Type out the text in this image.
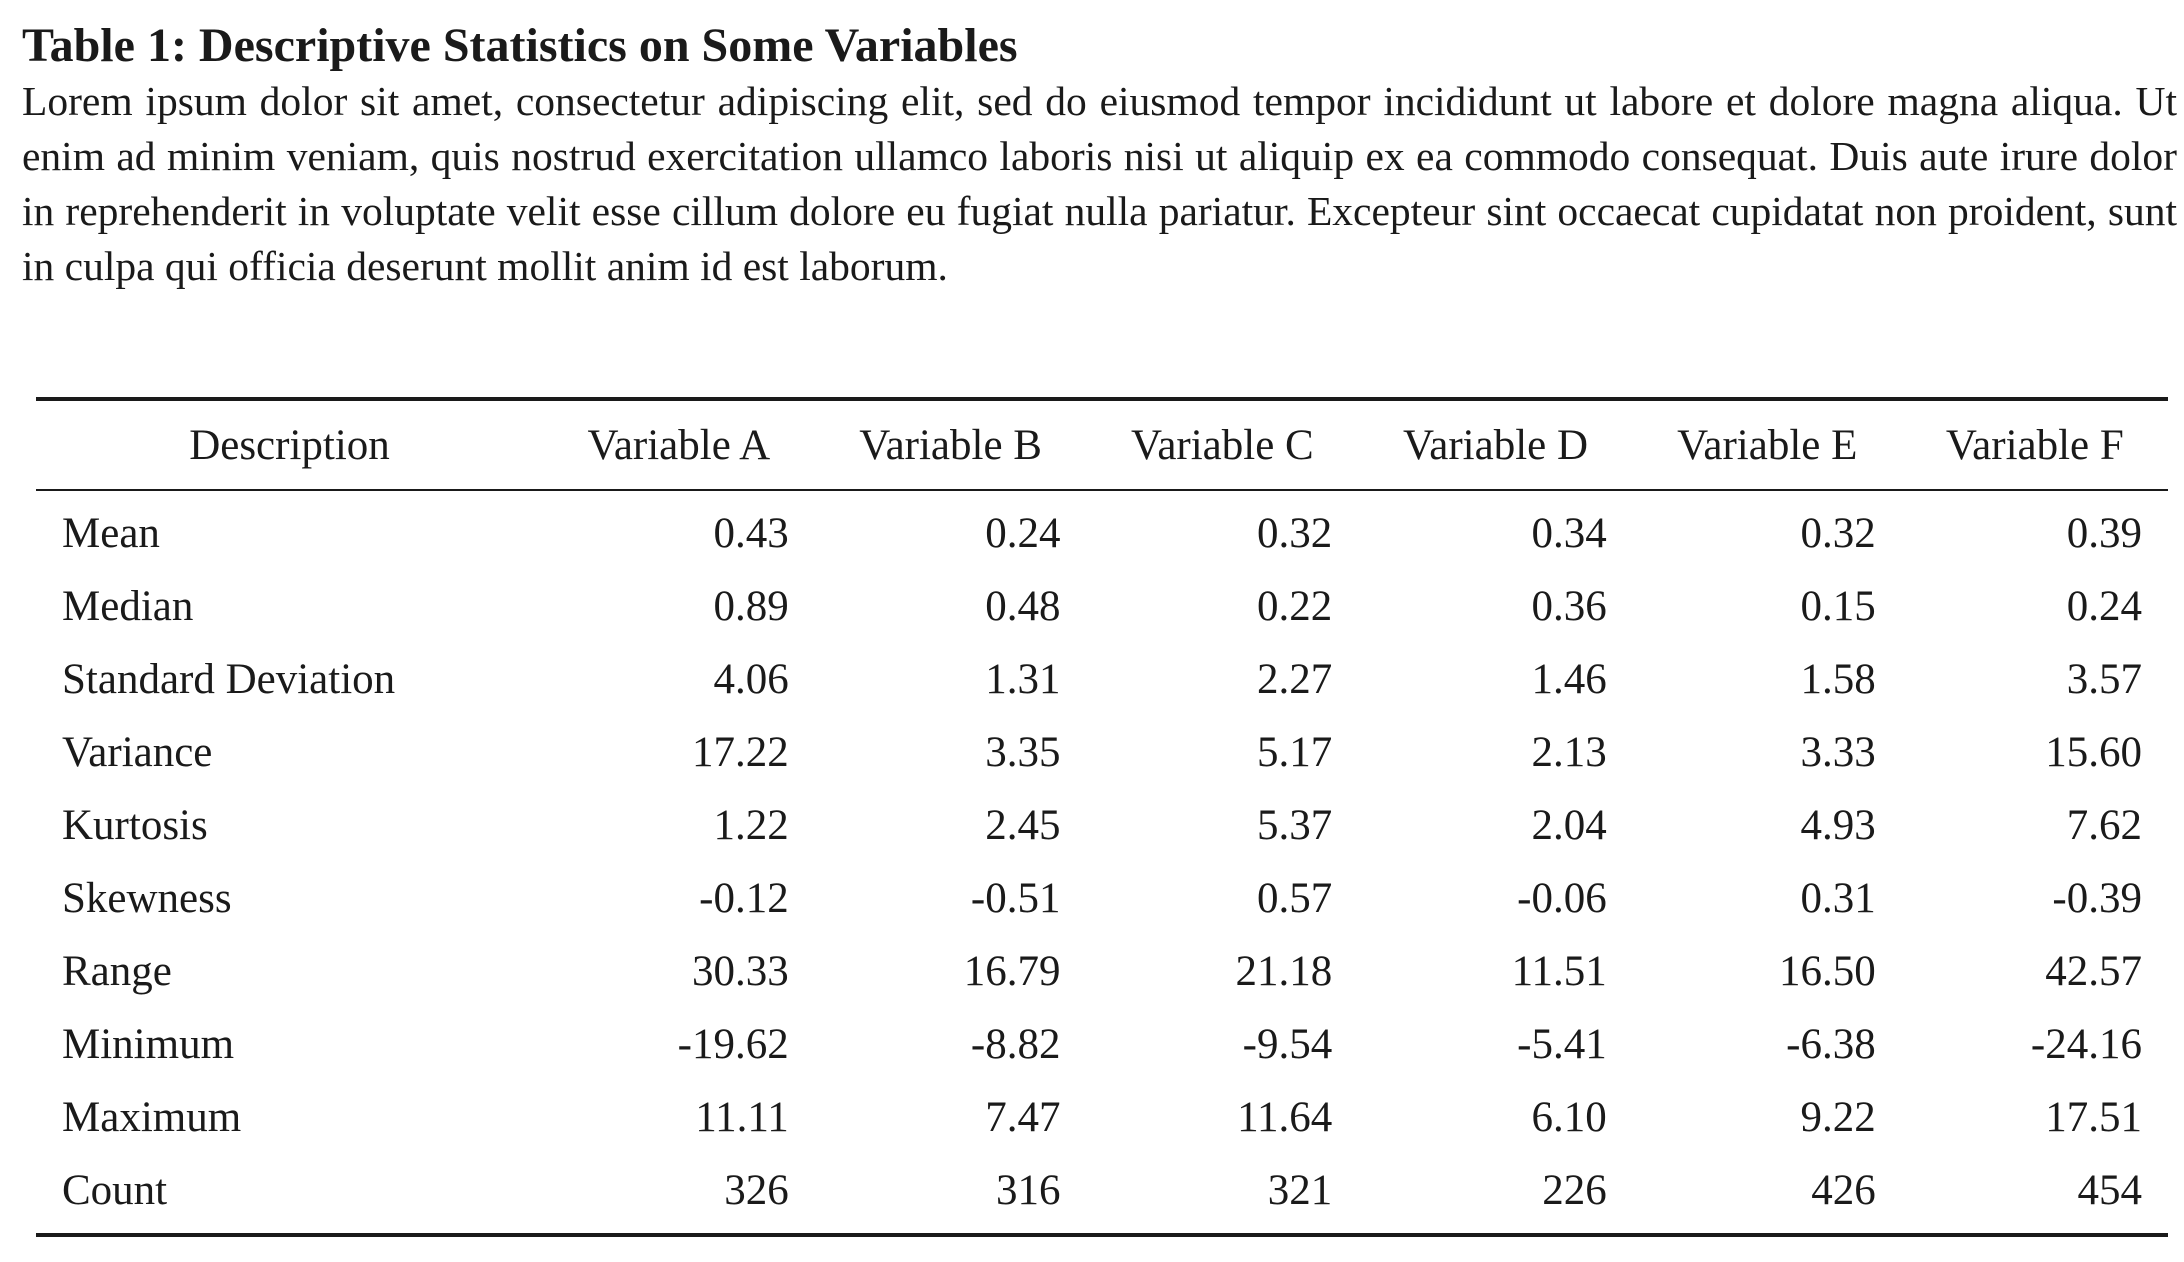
Table 1: Descriptive Statistics on Some Variables

Lorem ipsum dolor sit amet, consectetur adipiscing elit, sed do eiusmod tempor incididunt ut labore et dolore magna aliqua. Ut enim ad minim veniam, quis nostrud exercitation ullamco laboris nisi ut aliquip ex ea commodo consequat. Duis aute irure dolor in reprehenderit in voluptate velit esse cillum dolore eu fugiat nulla pariatur. Excepteur sint occaecat cupidatat non proident, sunt in culpa qui officia deserunt mollit anim id est laborum.

Description	Variable A	Variable B	Variable C	Variable D	Variable E	Variable F
Mean	0.43	0.24	0.32	0.34	0.32	0.39
Median	0.89	0.48	0.22	0.36	0.15	0.24
Standard Deviation	4.06	1.31	2.27	1.46	1.58	3.57
Variance	17.22	3.35	5.17	2.13	3.33	15.60
Kurtosis	1.22	2.45	5.37	2.04	4.93	7.62
Skewness	-0.12	-0.51	0.57	-0.06	0.31	-0.39
Range	30.33	16.79	21.18	11.51	16.50	42.57
Minimum	-19.62	-8.82	-9.54	-5.41	-6.38	-24.16
Maximum	11.11	7.47	11.64	6.10	9.22	17.51
Count	326	316	321	226	426	454
